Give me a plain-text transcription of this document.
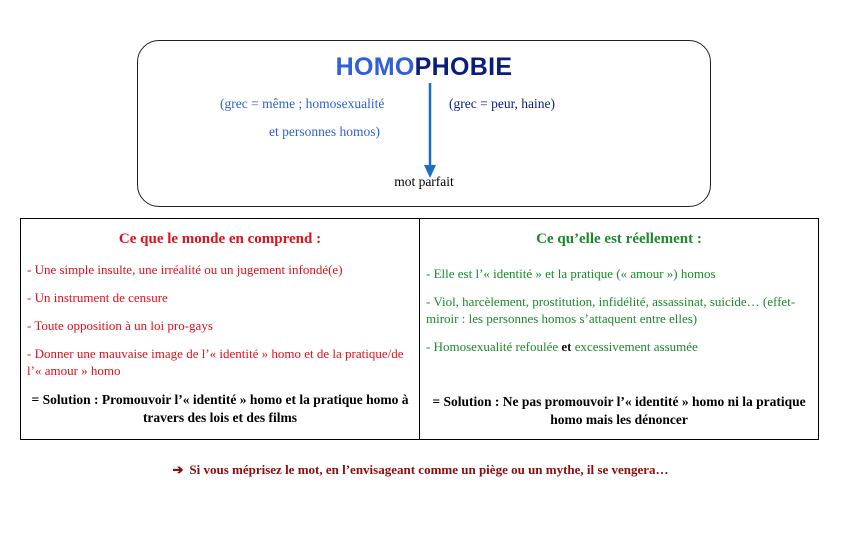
HOMOPHOBIE
(grec = même ; homosexualité
et personnes homos)
(grec = peur, haine)
mot parfait
Ce que le monde en comprend :

- Une simple insulte, une irréalité ou un jugement infondé(e)

- Un instrument de censure

- Toute opposition à un loi pro-gays

- Donner une mauvaise image de l’« identité » homo et de la pratique/de l’« amour » homo

= Solution : Promouvoir l’« identité » homo et la pratique homo à travers des lois et des films

Ce qu’elle est réellement :

- Elle est l’« identité » et la pratique (« amour ») homos

- Viol, harcèlement, prostitution, infidélité, assassinat, suicide… (effet-miroir : les personnes homos s’attaquent entre elles)

- Homosexualité refoulée et excessivement assumée

= Solution : Ne pas promouvoir l’« identité » homo ni la pratique homo mais les dénoncer
➔ Si vous méprisez le mot, en l’envisageant comme un piège ou un mythe, il se vengera…
